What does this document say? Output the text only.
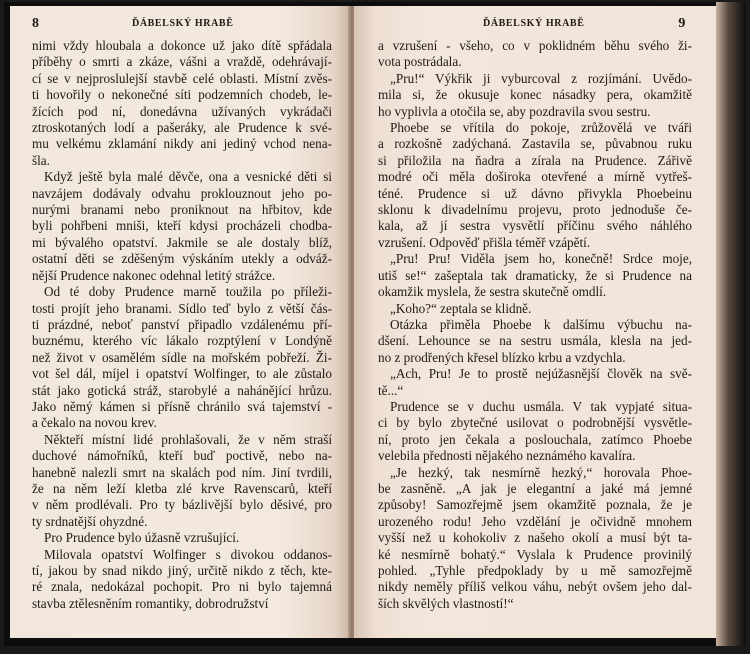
8	ĎÁBELSKÝ HRABĚ

nimi vždy hloubala a dokonce už jako dítě spřádala
příběhy o smrti a zkáze, vášni a vraždě, odehrávají-
cí se v nejproslulejší stavbě celé oblasti. Místní zvěs-
ti hovořily o nekonečné síti podzemních chodeb, le-
žících pod ní, donedávna užívaných vykrádači
ztroskotaných lodí a pašeráky, ale Prudence k své-
mu velkému zklamání nikdy ani jediný vchod nena-
šla.
Když ještě byla malé děvče, ona a vesnické děti si
navzájem dodávaly odvahu proklouznout jeho po-
nurými branami nebo proniknout na hřbitov, kde
byli pohřbeni mniši, kteří kdysi procházeli chodba-
mi bývalého opatství. Jakmile se ale dostaly blíž,
ostatní děti se zděšeným výskáním utekly a odváž-
nější Prudence nakonec odehnal letitý strážce.
Od té doby Prudence marně toužila po příleži-
tosti projít jeho branami. Sídlo teď bylo z větší čás-
ti prázdné, neboť panství připadlo vzdálenému pří-
buznému, kterého víc lákalo rozptýlení v Londýně
než život v osamělém sídle na mořském pobřeží. Ži-
vot šel dál, míjel i opatství Wolfinger, to ale zůstalo
stát jako gotická stráž, starobylé a nahánějící hrůzu.
Jako němý kámen si přísně chránilo svá tajemství -
a čekalo na novou krev.
Někteří místní lidé prohlašovali, že v něm straší
duchové námořníků, kteří buď poctivě, nebo na-
hanebně nalezli smrt na skalách pod ním. Jiní tvrdili,
že na něm leží kletba zlé krve Ravenscarů, kteří
v něm prodlévali. Pro ty bázlivější bylo děsivé, pro
ty srdnatější ohyzdné.
Pro Prudence bylo úžasně vzrušující.
Milovala opatství Wolfinger s divokou oddanos-
tí, jakou by snad nikdo jiný, určitě nikdo z těch, kte-
ré znala, nedokázal pochopit. Pro ni bylo tajemná
stavba ztělesněním romantiky, dobrodružství

ĎÁBELSKÝ HRABĚ	9

a vzrušení - všeho, co v poklidném běhu svého ži-
vota postrádala.
„Pru!“ Výkřik ji vyburcoval z rozjímání. Uvědo-
mila si, že okusuje konec násadky pera, okamžitě
ho vyplivla a otočila se, aby pozdravila svou sestru.
Phoebe se vřítila do pokoje, zrůžovělá ve tváři
a rozkošně zadýchaná. Zastavila se, půvabnou ruku
si přiložila na ňadra a zírala na Prudence. Zářivě
modré oči měla doširoka otevřené a mírně vytřeš-
téné. Prudence si už dávno přivykla Phoebeinu
sklonu k divadelnímu projevu, proto jednoduše če-
kala, až jí sestra vysvětlí příčinu svého náhlého
vzrušení. Odpověď přišla téměř vzápětí.
„Pru! Pru! Viděla jsem ho, konečně! Srdce moje,
utiš se!“ zašeptala tak dramaticky, že si Prudence na
okamžik myslela, že sestra skutečně omdlí.
„Koho?“ zeptala se klidně.
Otázka přiměla Phoebe k dalšímu výbuchu na-
dšení. Lehounce se na sestru usmála, klesla na jed-
no z prodřených křesel blízko krbu a vzdychla.
„Ach, Pru! Je to prostě nejúžasnější člověk na svě-
tě...“
Prudence se v duchu usmála. V tak vypjaté situa-
ci by bylo zbytečné usilovat o podrobnější vysvětle-
ní, proto jen čekala a poslouchala, zatímco Phoebe
velebila přednosti nějakého neznámého kavalíra.
„Je hezký, tak nesmírně hezký,“ horovala Phoe-
be zasněně. „A jak je elegantní a jaké má jemné
způsoby! Samozřejmě jsem okamžitě poznala, že je
urozeného rodu! Jeho vzdělání je očividně mnohem
vyšší než u kohokoliv z našeho okolí a musí být ta-
ké nesmírně bohatý.“ Vyslala k Prudence provinilý
pohled. „Tyhle předpoklady by u mě samozřejmě
nikdy neměly příliš velkou váhu, nebýt ovšem jeho dal-
ších skvělých vlastností!“
